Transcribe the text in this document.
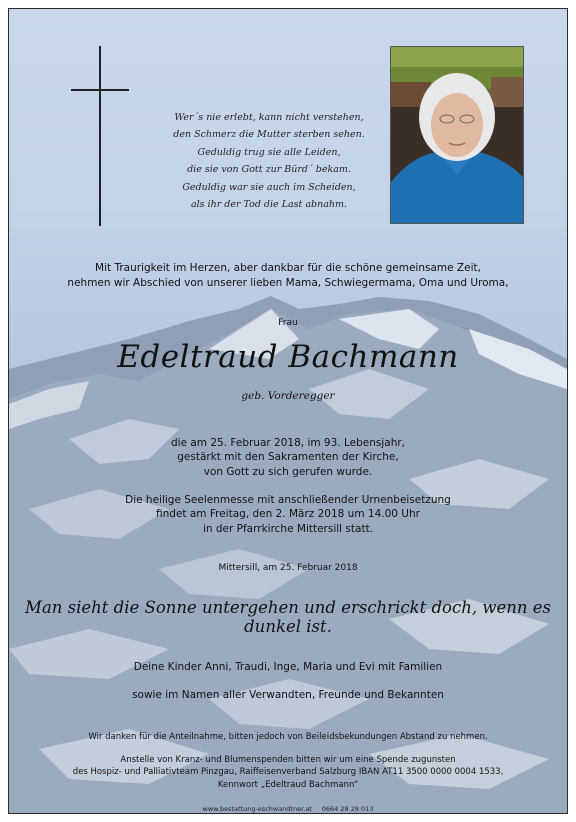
Wer´s nie erlebt, kann nicht verstehen,
den Schmerz die Mutter sterben sehen.
Geduldig trug sie alle Leiden,
die sie von Gott zur Bürd´ bekam.
Geduldig war sie auch im Scheiden,
als ihr der Tod die Last abnahm.
Mit Traurigkeit im Herzen, aber dankbar für die schöne gemeinsame Zeit,
nehmen wir Abschied von unserer lieben Mama, Schwiegermama, Oma und Uroma,
Frau
Edeltraud Bachmann
geb. Vorderegger
die am 25. Februar 2018, im 93. Lebensjahr,
gestärkt mit den Sakramenten der Kirche,
von Gott zu sich gerufen wurde.
Die heilige Seelenmesse mit anschließender Urnenbeisetzung
findet am Freitag, den 2. März 2018 um 14.00 Uhr
in der Pfarrkirche Mittersill statt.
Mittersill, am 25. Februar 2018
Man sieht die Sonne untergehen und erschrickt doch, wenn es dunkel ist.
Deine Kinder Anni, Traudi, Inge, Maria und Evi mit Familien
sowie im Namen aller Verwandten, Freunde und Bekannten
Wir danken für die Anteilnahme, bitten jedoch von Beileidsbekundungen Abstand zu nehmen.
Anstelle von Kranz- und Blumenspenden bitten wir um eine Spende zugunsten
des Hospiz- und Palliativteam Pinzgau, Raiffeisenverband Salzburg IBAN AT11 3500 0000 0004 1533,
Kennwort „Edeltraud Bachmann“
www.bestattung-eschwandtner.at 0664 28 28 013
